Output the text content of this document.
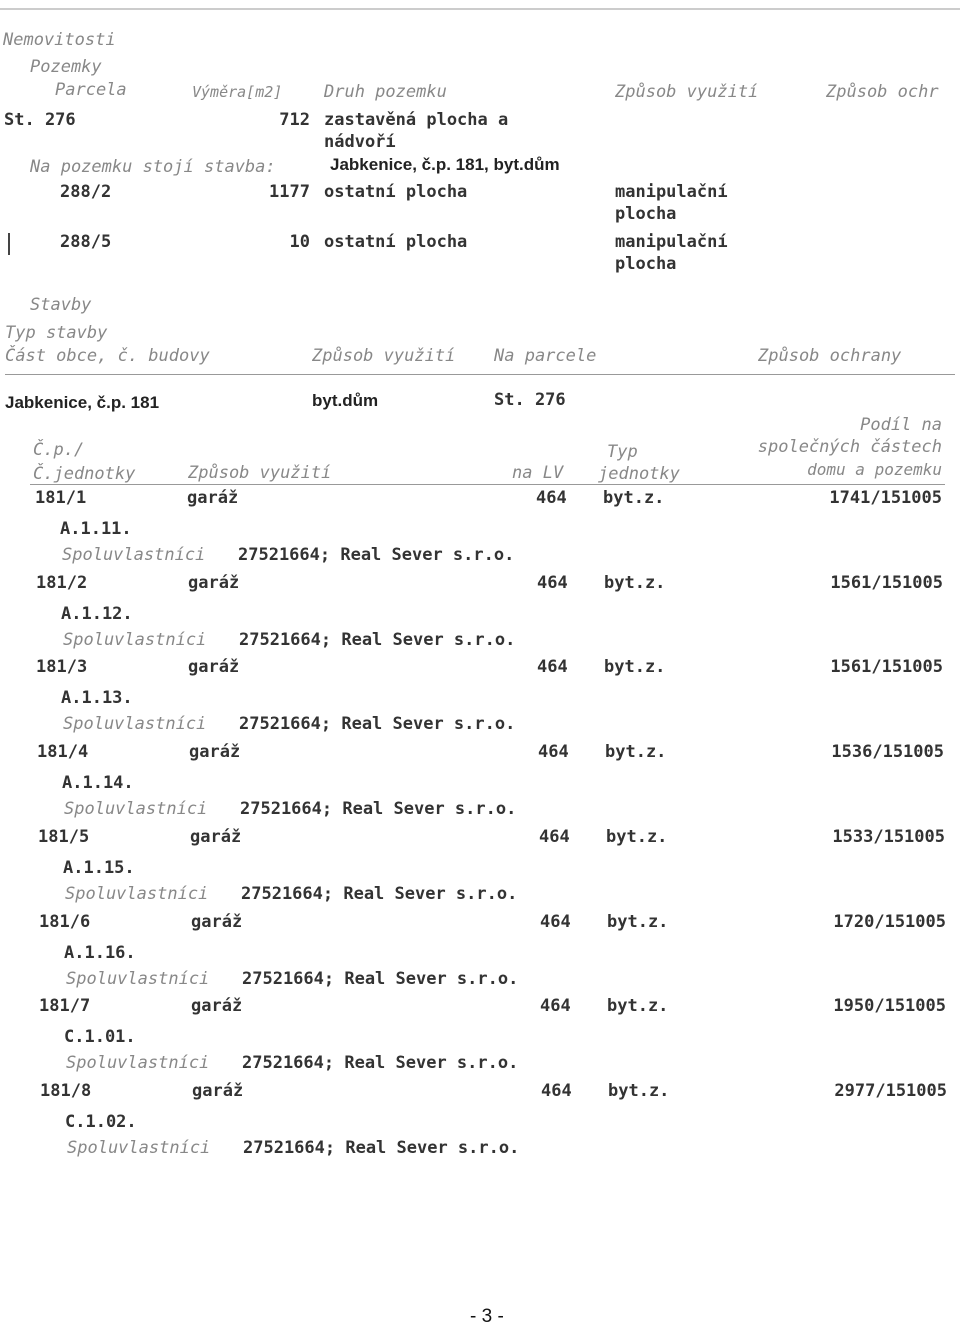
Nemovitosti
Pozemky
Parcela	Výměra[m2] Druh pozemku	Způsob využití	Způsob ochr
St. 276	712 zastavěná plocha a
nádvoří
288/2	1177 ostatní plocha	manipulační
plocha
288/5	10 ostatní plocha	manipulační
plocha
Na pozemku stojí stavba:	Jabkenice, č.p. 181, byt.dům
Stavby
Typ stavby
Část obce, č. budovy	Způsob využití Na parcele	Způsob ochrany
Jabkenice, č.p. 181	byt.dům	St. 276
Podíl na
Č.p./	Typ	společných částech
Č.jednotky	Způsob využití	na LV jednotky	domu a pozemku
181/1	garáž	464 byt.z.	1741/151005
A.1.11.
Spoluvlastníci 27521664; Real Sever s.r.o.
181/2	garáž	464 byt.z.	1561/151005
A.1.12.
Spoluvlastníci 27521664; Real Sever s.r.o.
181/3	garáž	464 byt.z.	1561/151005
A.1.13.
Spoluvlastníci 27521664; Real Sever s.r.o.
181/4	garáž	464 byt.z.	1536/151005
A.1.14.
Spoluvlastníci 27521664; Real Sever s.r.o.
181/5	garáž	464 byt.z.	1533/151005
A.1.15.
Spoluvlastníci 27521664; Real Sever s.r.o.
181/6	garáž	464 byt.z.	1720/151005
A.1.16.
Spoluvlastníci 27521664; Real Sever s.r.o.
181/7	garáž	464 byt.z.	1950/151005
C.1.01.
Spoluvlastníci 27521664; Real Sever s.r.o.
181/8	garáž	464 byt.z.	2977/151005
C.1.02.
Spoluvlastníci 27521664; Real Sever s.r.o.
- 3 -
